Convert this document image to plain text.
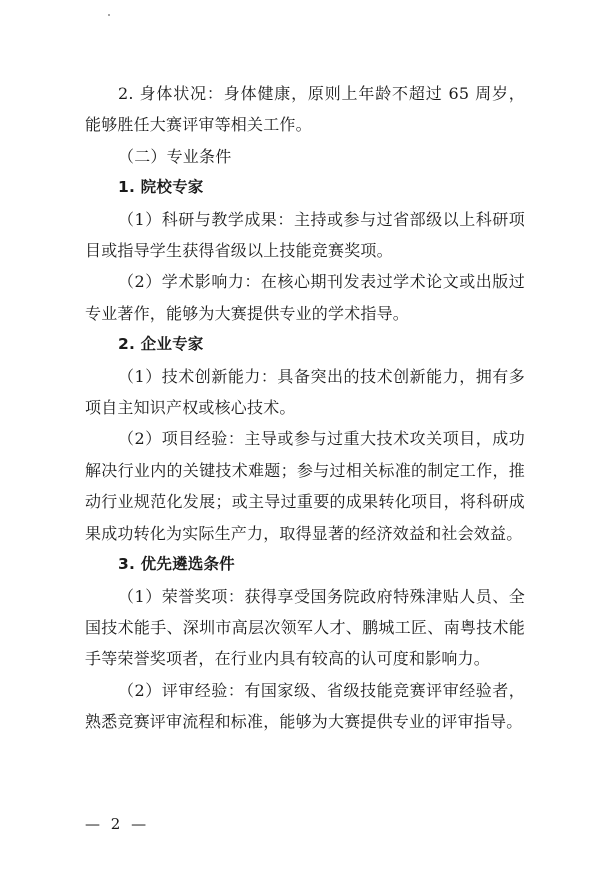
2. 身体状况：身体健康，原则上年龄不超过 65 周岁，能够胜任大赛评审等相关工作。

（二）专业条件

1. 院校专家

（1）科研与教学成果：主持或参与过省部级以上科研项目或指导学生获得省级以上技能竞赛奖项。

（2）学术影响力：在核心期刊发表过学术论文或出版过专业著作，能够为大赛提供专业的学术指导。

2. 企业专家

（1）技术创新能力：具备突出的技术创新能力，拥有多项自主知识产权或核心技术。

（2）项目经验：主导或参与过重大技术攻关项目，成功解决行业内的关键技术难题；参与过相关标准的制定工作，推动行业规范化发展；或主导过重要的成果转化项目，将科研成果成功转化为实际生产力，取得显著的经济效益和社会效益。

3. 优先遴选条件

（1）荣誉奖项：获得享受国务院政府特殊津贴人员、全国技术能手、深圳市高层次领军人才、鹏城工匠、南粤技术能手等荣誉奖项者，在行业内具有较高的认可度和影响力。

（2）评审经验：有国家级、省级技能竞赛评审经验者，熟悉竞赛评审流程和标准，能够为大赛提供专业的评审指导。

— 2 —
